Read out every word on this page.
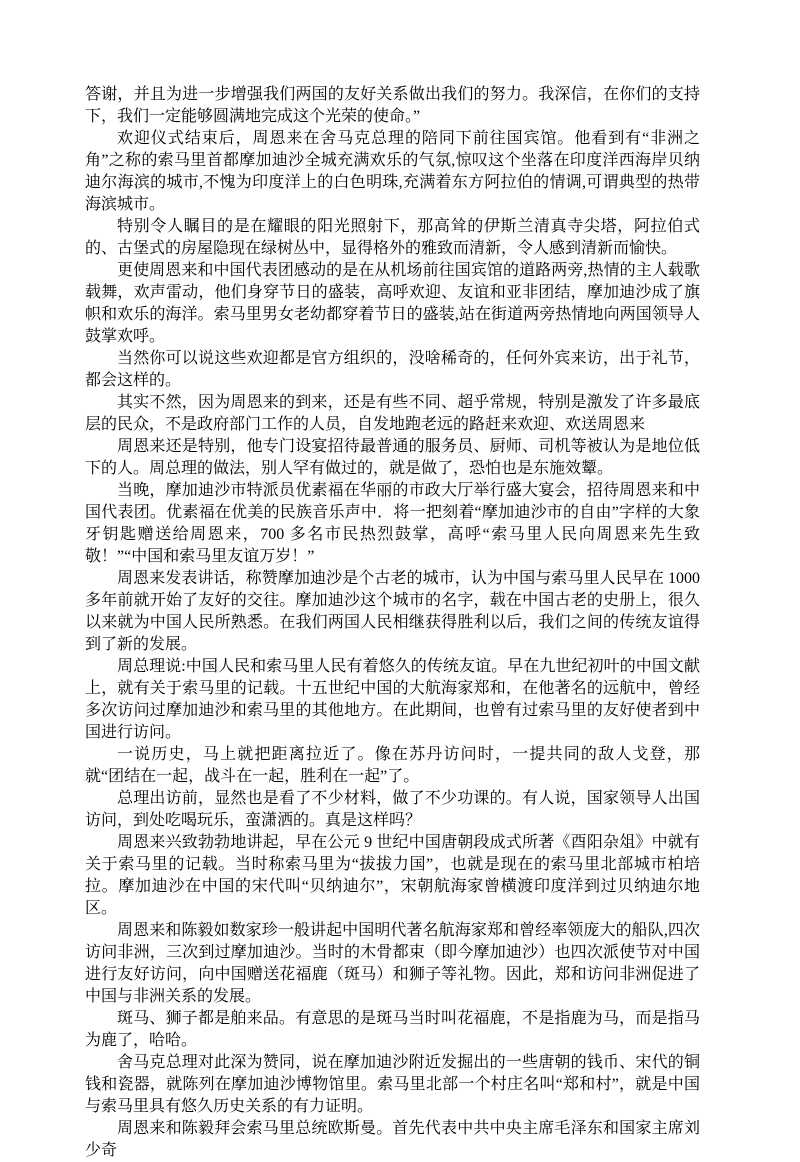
答谢，并且为进一步增强我们两国的友好关系做出我们的努力。我深信，在你们的支持下，我们一定能够圆满地完成这个光荣的使命。”

欢迎仪式结束后，周恩来在舍马克总理的陪同下前往国宾馆。他看到有“非洲之角”之称的索马里首都摩加迪沙全城充满欢乐的气氛,惊叹这个坐落在印度洋西海岸贝纳迪尔海滨的城市,不愧为印度洋上的白色明珠,充满着东方阿拉伯的情调,可谓典型的热带海滨城市。

特别令人瞩目的是在耀眼的阳光照射下，那高耸的伊斯兰清真寺尖塔，阿拉伯式的、古堡式的房屋隐现在绿树丛中，显得格外的雅致而清新，令人感到清新而愉快。

更使周恩来和中国代表团感动的是在从机场前往国宾馆的道路两旁,热情的主人载歌载舞，欢声雷动，他们身穿节日的盛装，高呼欢迎、友谊和亚非团结，摩加迪沙成了旗帜和欢乐的海洋。索马里男女老幼都穿着节日的盛装,站在街道两旁热情地向两国领导人鼓掌欢呼。

当然你可以说这些欢迎都是官方组织的，没啥稀奇的，任何外宾来访，出于礼节，都会这样的。

其实不然，因为周恩来的到来，还是有些不同、超乎常规，特别是激发了许多最底层的民众，不是政府部门工作的人员，自发地跑老远的路赶来欢迎、欢送周恩来

周恩来还是特别，他专门设宴招待最普通的服务员、厨师、司机等被认为是地位低下的人。周总理的做法，别人罕有做过的，就是做了，恐怕也是东施效颦。

当晚，摩加迪沙市特派员优素福在华丽的市政大厅举行盛大宴会，招待周恩来和中国代表团。优素福在优美的民族音乐声中．将一把刻着“摩加迪沙市的自由”字样的大象牙钥匙赠送给周恩来，700 多名市民热烈鼓掌，高呼“索马里人民向周恩来先生致敬！”“中国和索马里友谊万岁！”

周恩来发表讲话，称赞摩加迪沙是个古老的城市，认为中国与索马里人民早在 1000 多年前就开始了友好的交往。摩加迪沙这个城市的名字，载在中国古老的史册上，很久以来就为中国人民所熟悉。在我们两国人民相继获得胜利以后，我们之间的传统友谊得到了新的发展。

周总理说:中国人民和索马里人民有着悠久的传统友谊。早在九世纪初叶的中国文献上，就有关于索马里的记载。十五世纪中国的大航海家郑和，在他著名的远航中，曾经多次访问过摩加迪沙和索马里的其他地方。在此期间，也曾有过索马里的友好使者到中国进行访问。

一说历史，马上就把距离拉近了。像在苏丹访问时，一提共同的敌人戈登，那就“团结在一起，战斗在一起，胜利在一起”了。

总理出访前，显然也是看了不少材料，做了不少功课的。有人说，国家领导人出国访问，到处吃喝玩乐，蛮潇洒的。真是这样吗？

周恩来兴致勃勃地讲起，早在公元 9 世纪中国唐朝段成式所著《酉阳杂俎》中就有关于索马里的记载。当时称索马里为“拔拔力国”，也就是现在的索马里北部城市柏培拉。摩加迪沙在中国的宋代叫“贝纳迪尔”，宋朝航海家曾横渡印度洋到过贝纳迪尔地区。

周恩来和陈毅如数家珍一般讲起中国明代著名航海家郑和曾经率领庞大的船队,四次访问非洲，三次到过摩加迪沙。当时的木骨都束（即今摩加迪沙）也四次派使节对中国进行友好访问，向中国赠送花福鹿（斑马）和狮子等礼物。因此，郑和访问非洲促进了中国与非洲关系的发展。

斑马、狮子都是舶来品。有意思的是斑马当时叫花福鹿，不是指鹿为马，而是指马为鹿了，哈哈。

舍马克总理对此深为赞同，说在摩加迪沙附近发掘出的一些唐朝的钱币、宋代的铜钱和瓷器，就陈列在摩加迪沙博物馆里。索马里北部一个村庄名叫“郑和村”，就是中国与索马里具有悠久历史关系的有力证明。

周恩来和陈毅拜会索马里总统欧斯曼。首先代表中共中央主席毛泽东和国家主席刘少奇
